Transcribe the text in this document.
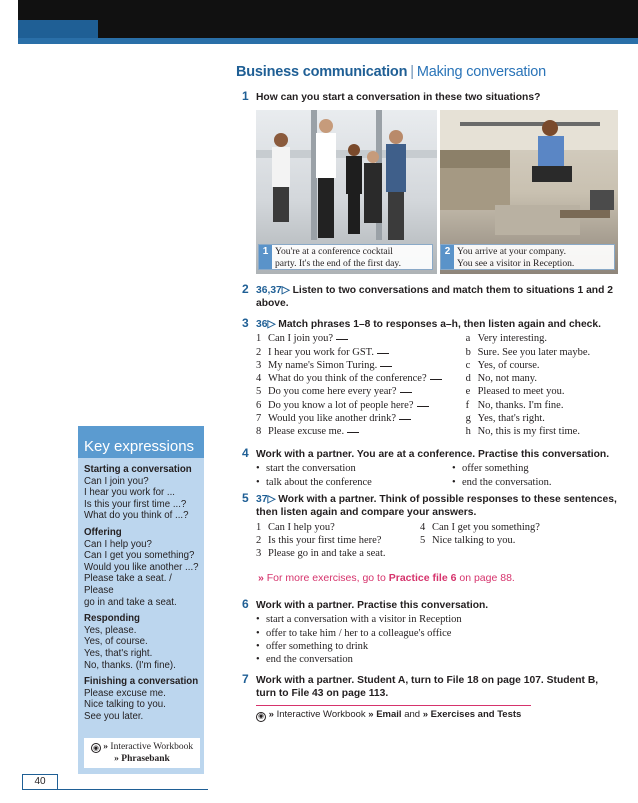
Business communication | Making conversation
1 How can you start a conversation in these two situations?
1 You're at a conference cocktail
party. It's the end of the first day.
2 You arrive at your company.
You see a visitor in Reception.
2 36,37▷ Listen to two conversations and match them to situations 1 and 2
above.
3 36▷ Match phrases 1–8 to responses a–h, then listen again and check.
1 Can I join you?	a Very interesting.
2 I hear you work for GST.	b Sure. See you later maybe.
3 My name's Simon Turing.	c Yes, of course.
4 What do you think of the conference?	d No, not many.
5 Do you come here every year?	e Pleased to meet you.
6 Do you know a lot of people here?	f No, thanks. I'm fine.
7 Would you like another drink?	g Yes, that's right.
8 Please excuse me.	h No, this is my first time.
4 Work with a partner. You are at a conference. Practise this conversation.
• start the conversation
• talk about the conference
• offer something
• end the conversation.
5 37▷ Work with a partner. Think of possible responses to these sentences,
then listen again and compare your answers.
1 Can I help you?
2 Is this your first time here?
3 Please go in and take a seat.
4 Can I get you something?
5 Nice talking to you.
» For more exercises, go to Practice file 6 on page 88.
6 Work with a partner. Practise this conversation.
• start a conversation with a visitor in Reception
• offer to take him / her to a colleague's office
• offer something to drink
• end the conversation
7 Work with a partner. Student A, turn to File 18 on page 107. Student B,
turn to File 43 on page 113.
◉ » Interactive Workbook » Email and » Exercises and Tests
Key expressions
Starting a conversation
Can I join you?
I hear you work for ...
Is this your first time ...?
What do you think of ...?
Offering
Can I help you?
Can I get you something?
Would you like another ...?
Please take a seat. / Please
go in and take a seat.
Responding
Yes, please.
Yes, of course.
Yes, that's right.
No, thanks. (I'm fine).
Finishing a conversation
Please excuse me.
Nice talking to you.
See you later.
◉ » Interactive Workbook
» Phrasebank
40
